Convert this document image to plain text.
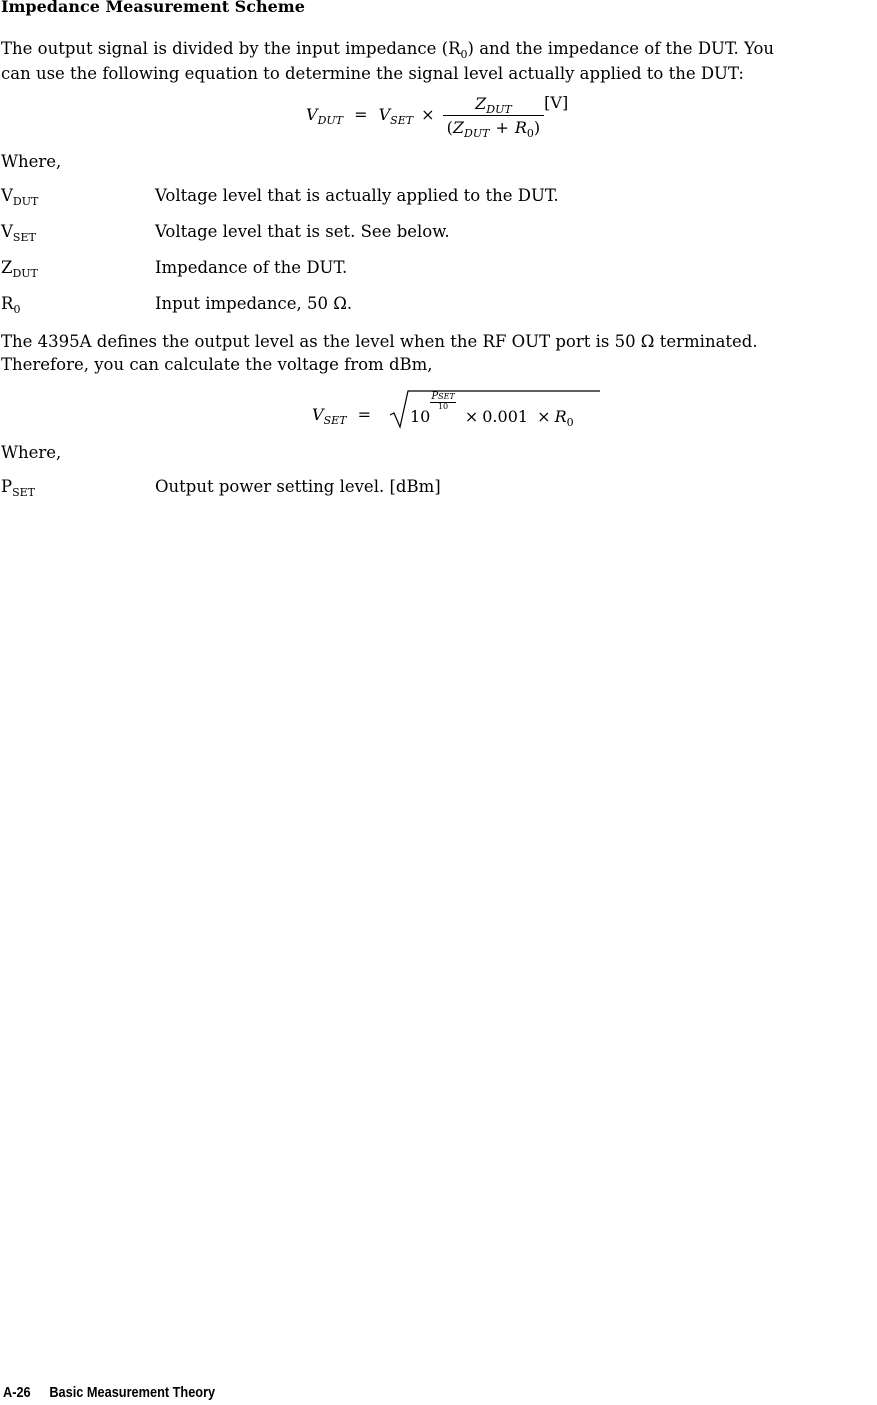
Impedance Measurement Scheme
The output signal is divided by the input impedance $(R_0)$ and the impedance of the DUT. You
can use the following equation to determine the signal level actually applied to the DUT:
$V_{DUT} = V_{SET} \times \frac{Z_{DUT}}{(Z_{DUT} + R_0)} [V]$
Where,
$V_{DUT}$	Voltage level that is actually applied to the DUT.
$V_{SET}$	Voltage level that is set. See below.
$Z_{DUT}$	Impedance of the DUT.
$R_0$	Input impedance, 50 Ω.
The 4395A defines the output level as the level when the RF OUT port is 50 Ω terminated.
Therefore, you can calculate the voltage from dBm,
$V_{SET}$ =	10
PSET
10
× $0.001 \times R_0$
Where,
$P_{SET}$	Output power setting level. [dBm]
A-26 Basic Measurement Theory
